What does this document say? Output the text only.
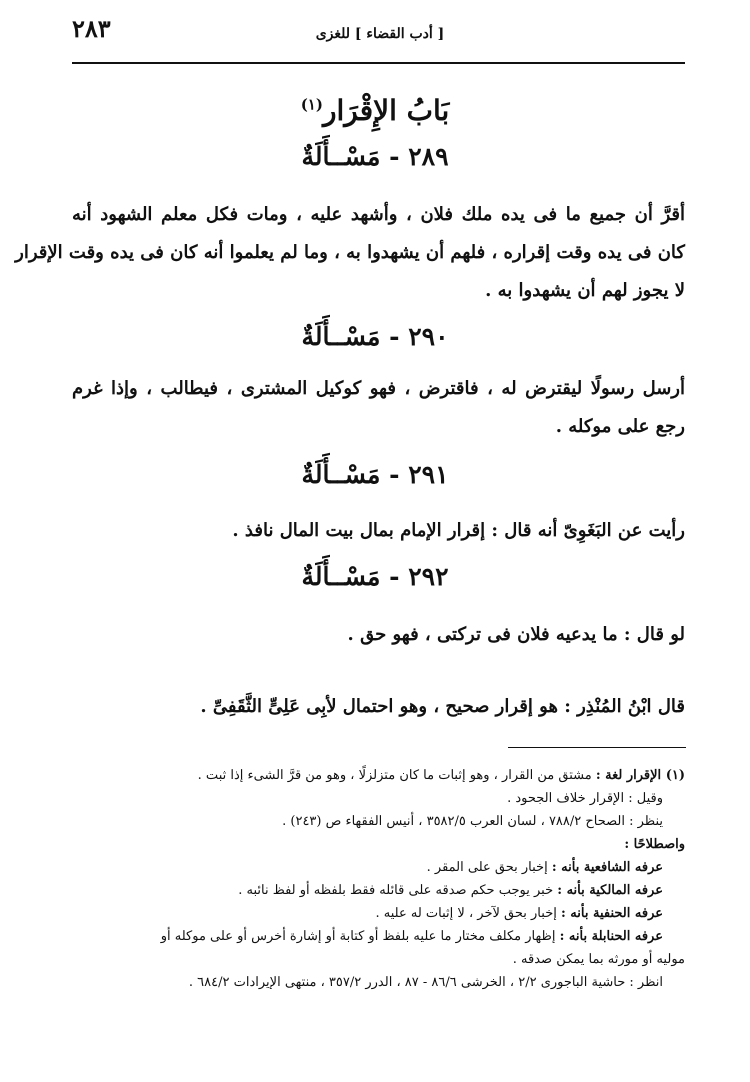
٢٨٣	[ أدب القضاء ] للغزى
بَابُ الإِقْرَار$^{(١)}$
٢٨٩ - مَسْــأَلَةٌ
أقرَّ أن جميع ما فى يده ملك فلان ، وأشهد عليه ، ومات فكل معلم الشهود أنه
كان فى يده وقت إقراره ، فلهم أن يشهدوا به ، وما لم يعلموا أنه كان فى يده وقت الإقرار
لا يجوز لهم أن يشهدوا به .
٢٩٠ - مَسْــأَلَةٌ
أرسل رسولًا ليقترض له ، فاقترض ، فهو كوكيل المشترى ، فيطالب ، وإذا غرم
رجع على موكله .
٢٩١ - مَسْــأَلَةٌ
رأيت عن البَغَوِىّ أنه قال : إقرار الإمام بمال بيت المال نافذ .
٢٩٢ - مَسْــأَلَةٌ
لو قال : ما يدعيه فلان فى تركتى ، فهو حق .
قال ابْنُ المُنْذِر : هو إقرار صحيح ، وهو احتمال لأبِى عَلِىٍّ الثَّقَفِىِّ .
(١) الإقرار لغة : مشتق من القرار ، وهو إثبات ما كان متزلزلًا ، وهو من قرَّ الشىء إذا ثبت .
وقيل : الإقرار خلاف الجحود .
ينظر : الصحاح ٧٨٨/٢ ، لسان العرب ٣٥٨٢/٥ ، أنيس الفقهاء ص (٢٤٣) .
واصطلاحًا :
عرفه الشافعية بأنه : إخبار بحق على المقر .
عرفه المالكية بأنه : خبر يوجب حكم صدقه على قائله فقط بلفظه أو لفظ نائبه .
عرفه الحنفية بأنه : إخبار بحق لآخر ، لا إثبات له عليه .
عرفه الحنابلة بأنه : إظهار مكلف مختار ما عليه بلفظ أو كتابة أو إشارة أخرس أو على موكله أو
موليه أو مورثه بما يمكن صدقه .
انظر : حاشية الباجورى ٢/٢ ، الخرشى ٨٦/٦ - ٨٧ ، الدرر ٣٥٧/٢ ، منتهى الإيرادات ٦٨٤/٢ .
